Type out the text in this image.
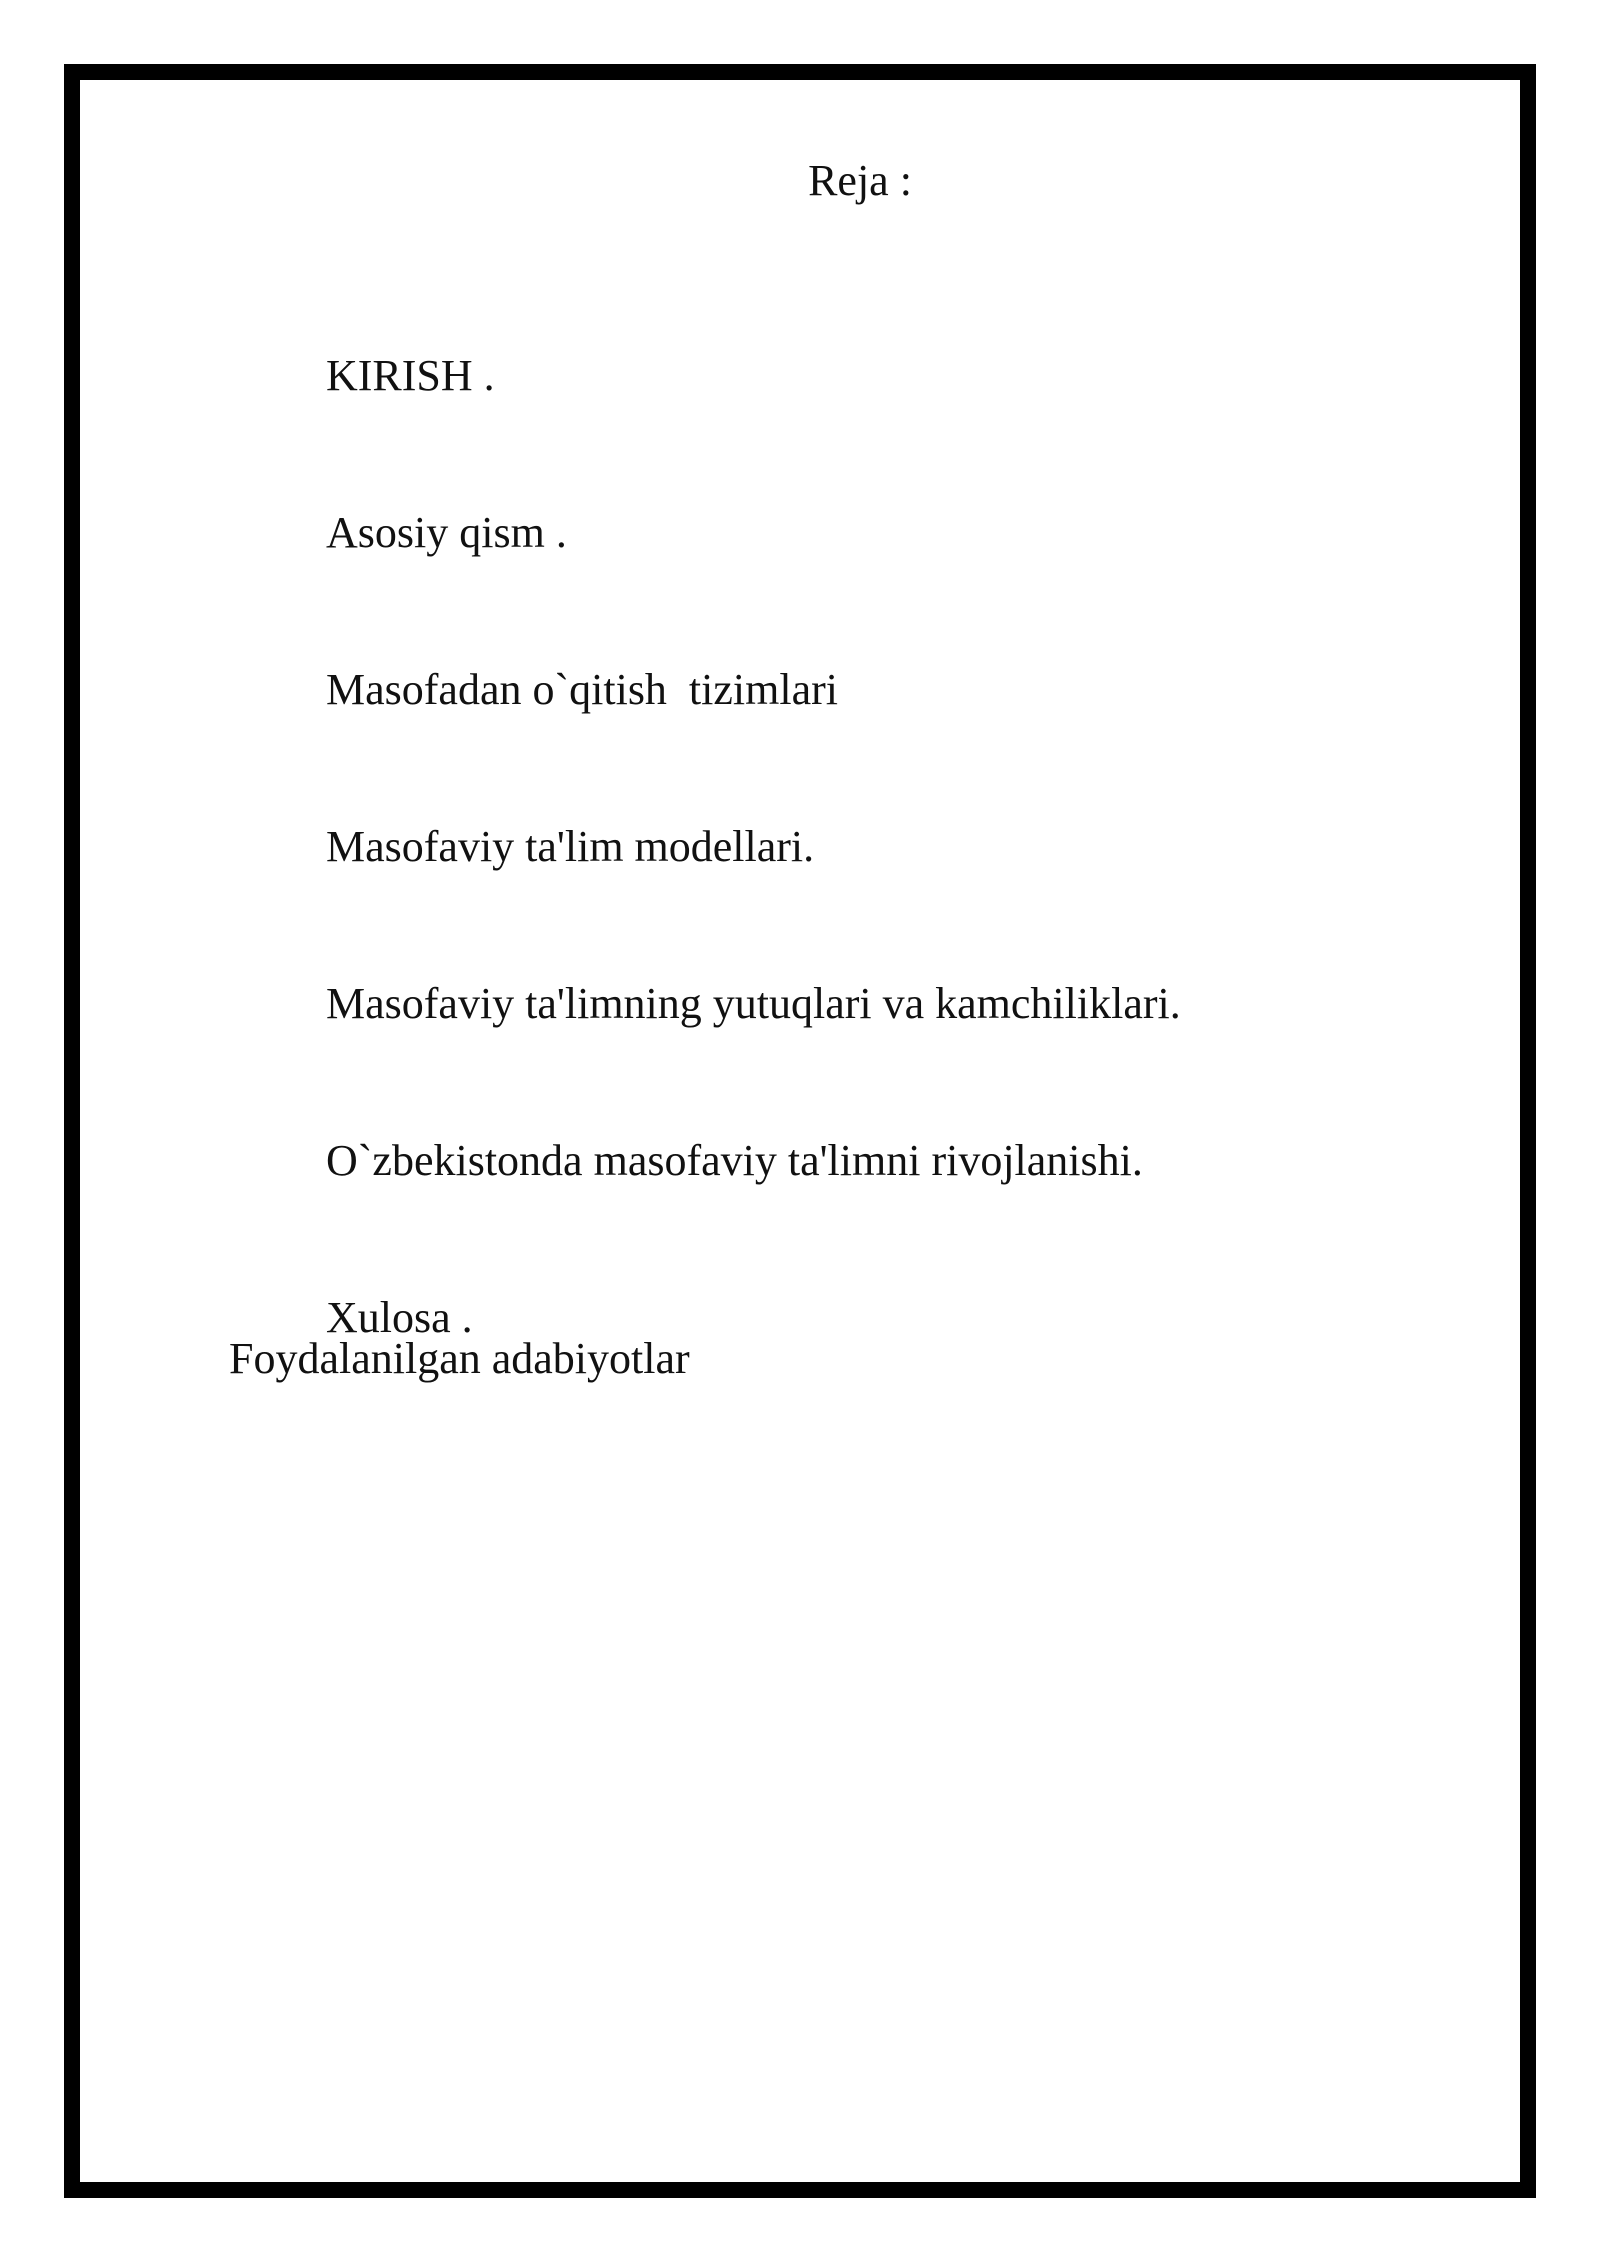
Reja :

KIRISH .

Asosiy qism .

Masofadan o`qitish  tizimlari

Masofaviy ta'lim modellari.

Masofaviy ta'limning yutuqlari va kamchiliklari.

O`zbekistonda masofaviy ta'limni rivojlanishi.

Xulosa .

Foydalanilgan adabiyotlar
